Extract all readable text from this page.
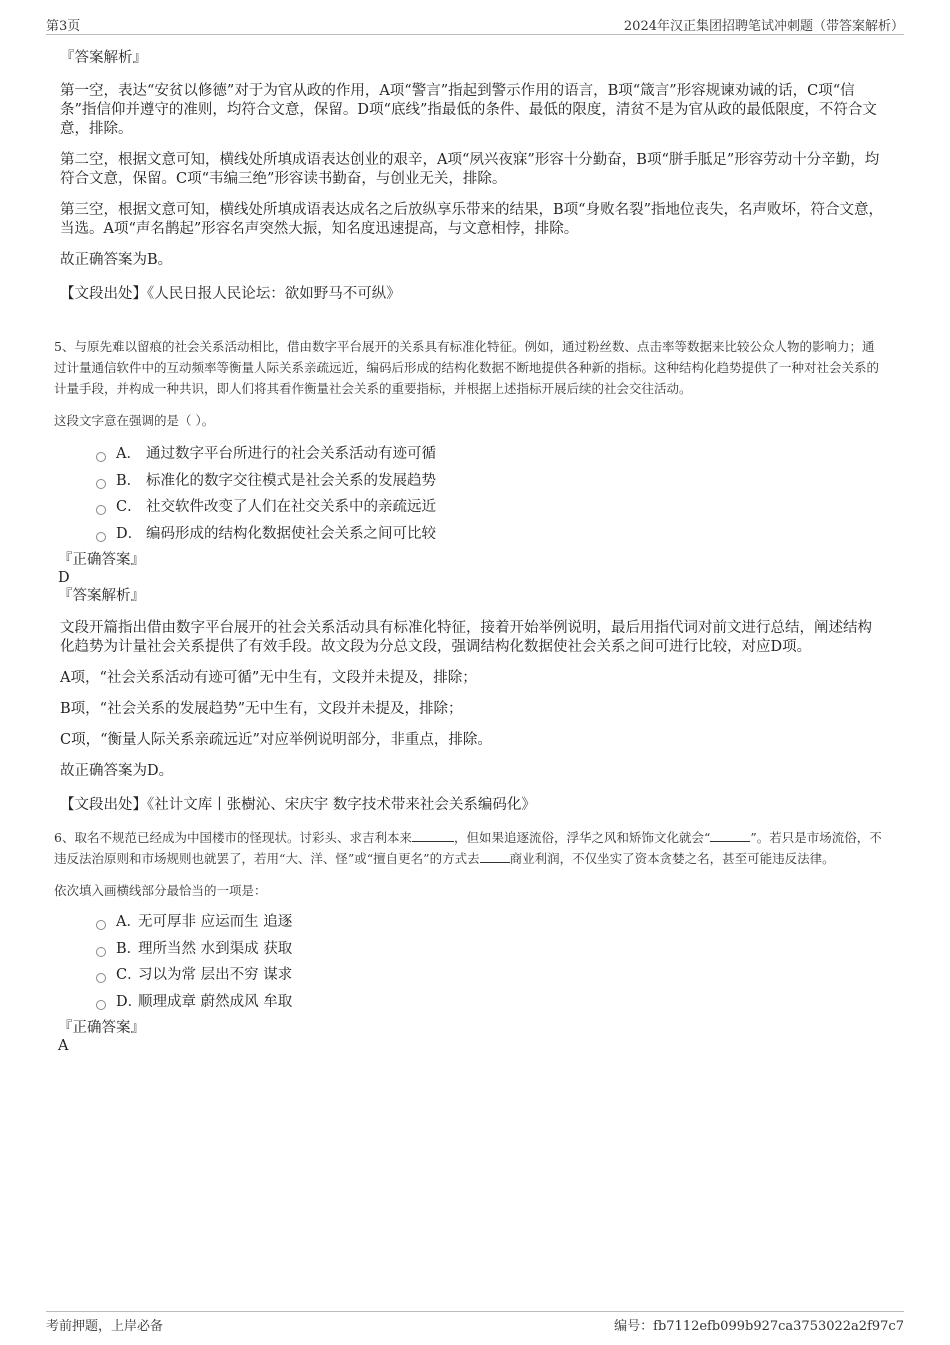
第3页	2024年汉正集团招聘笔试冲刺题（带答案解析）
『答案解析』

第一空，表达“安贫以修德”对于为官从政的作用，A项“警言”指起到警示作用的语言，B项“箴言”形容规谏劝诫的话，C项“信条”指信仰并遵守的准则，均符合文意，保留。D项“底线”指最低的条件、最低的限度，清贫不是为官从政的最低限度，不符合文意，排除。

第二空，根据文意可知，横线处所填成语表达创业的艰辛，A项“夙兴夜寐”形容十分勤奋，B项“胼手胝足”形容劳动十分辛勤，均符合文意，保留。C项“韦编三绝”形容读书勤奋，与创业无关，排除。

第三空，根据文意可知，横线处所填成语表达成名之后放纵享乐带来的结果，B项“身败名裂”指地位丧失，名声败坏，符合文意，当选。A项“声名鹊起”形容名声突然大振，知名度迅速提高，与文意相悖，排除。

故正确答案为B。

【文段出处】《人民日报人民论坛：欲如野马不可纵》
5、与原先难以留痕的社会关系活动相比，借由数字平台展开的关系具有标准化特征。例如，通过粉丝数、点击率等数据来比较公众人物的影响力；通过计量通信软件中的互动频率等衡量人际关系亲疏远近，编码后形成的结构化数据不断地提供各种新的指标。这种结构化趋势提供了一种对社会关系的计量手段，并构成一种共识，即人们将其看作衡量社会关系的重要指标，并根据上述指标开展后续的社会交往活动。
这段文字意在强调的是（ ）。
A． 通过数字平台所进行的社会关系活动有迹可循
B． 标准化的数字交往模式是社会关系的发展趋势
C． 社交软件改变了人们在社交关系中的亲疏远近
D． 编码形成的结构化数据使社会关系之间可比较
『正确答案』
D
『答案解析』

文段开篇指出借由数字平台展开的社会关系活动具有标准化特征，接着开始举例说明，最后用指代词对前文进行总结，阐述结构化趋势为计量社会关系提供了有效手段。故文段为分总文段，强调结构化数据使社会关系之间可进行比较，对应D项。

A项，“社会关系活动有迹可循”无中生有，文段并未提及，排除；

B项，“社会关系的发展趋势”无中生有，文段并未提及，排除；

C项，“衡量人际关系亲疏远近”对应举例说明部分，非重点，排除。

故正确答案为D。

【文段出处】《社计文库丨张樹沁、宋庆宇 数字技术带来社会关系编码化》
6、取名不规范已经成为中国楼市的怪现状。讨彩头、求吉利本来	，但如果追逐流俗，浮华之风和矫饰文化就会“	”。若只是市场流俗，不违反法治原则和市场规则也就罢了，若用“大、洋、怪”或“擅自更名”的方式去 商业利润，不仅坐实了资本贪婪之名，甚至可能违反法律。
依次填入画横线部分最恰当的一项是：
A．
无可厚非 应运而生 追逐
B．
理所当然 水到渠成 获取
C．
习以为常 层出不穷 谋求
D．
顺理成章 蔚然成风 牟取
『正确答案』
A
考前押题，上岸必备	编号：fb7112efb099b927ca3753022a2f97c7
